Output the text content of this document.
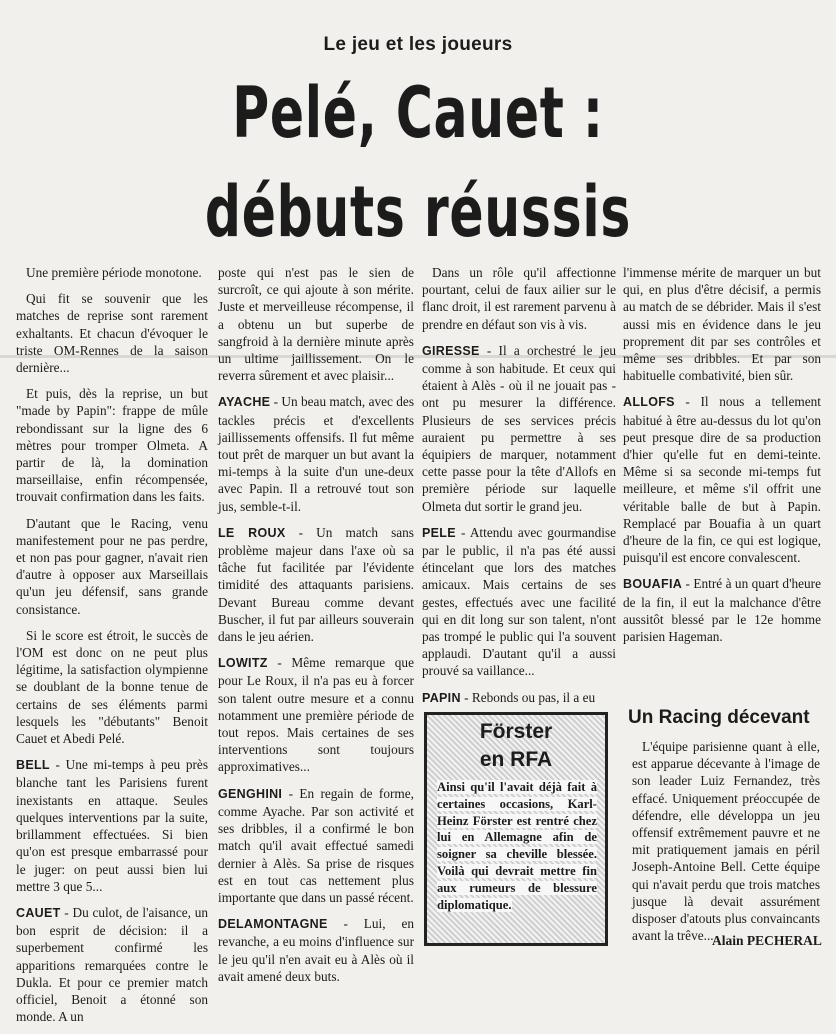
Le jeu et les joueurs
Pelé, Cauet :
débuts réussis

Une première période monotone.

Qui fit se souvenir que les matches de reprise sont rarement exhaltants. Et chacun d'évoquer le triste OM-Rennes de la saison dernière...

Et puis, dès la reprise, un but "made by Papin": frappe de mûle rebondissant sur la ligne des 6 mètres pour tromper Olmeta. A partir de là, la domination marseillaise, enfin récompensée, trouvait confirmation dans les faits.

D'autant que le Racing, venu manifestement pour ne pas perdre, et non pas pour gagner, n'avait rien d'autre à opposer aux Marseillais qu'un jeu défensif, sans grande consistance.

Si le score est étroit, le succès de l'OM est donc on ne peut plus légitime, la satisfaction olympienne se doublant de la bonne tenue de certains de ses éléments parmi lesquels les "débutants" Benoit Cauet et Abedi Pelé.

BELL - Une mi-temps à peu près blanche tant les Parisiens furent inexistants en attaque. Seules quelques interventions par la suite, brillamment effectuées. Si bien qu'on est presque embarrassé pour le juger: on peut aussi bien lui mettre 3 que 5...

CAUET - Du culot, de l'aisance, un bon esprit de décision: il a superbement confirmé les apparitions remarquées contre le Dukla. Et pour ce premier match officiel, Benoit a étonné son monde. A un

poste qui n'est pas le sien de surcroît, ce qui ajoute à son mérite. Juste et merveilleuse récompense, il a obtenu un but superbe de sangfroid à la dernière minute après un ultime jaillissement. On le reverra sûrement et avec plaisir...

AYACHE - Un beau match, avec des tackles précis et d'excellents jaillissements offensifs. Il fut même tout prêt de marquer un but avant la mi-temps à la suite d'un une-deux avec Papin. Il a retrouvé tout son jus, semble-t-il.

LE ROUX - Un match sans problème majeur dans l'axe où sa tâche fut facilitée par l'évidente timidité des attaquants parisiens. Devant Bureau comme devant Buscher, il fut par ailleurs souverain dans le jeu aérien.

LOWITZ - Même remarque que pour Le Roux, il n'a pas eu à forcer son talent outre mesure et a connu notamment une première période de tout repos. Mais certaines de ses interventions sont toujours approximatives...

GENGHINI - En regain de forme, comme Ayache. Par son activité et ses dribbles, il a confirmé le bon match qu'il avait effectué samedi dernier à Alès. Sa prise de risques est en tout cas nettement plus importante que dans un passé récent.

DELAMONTAGNE - Lui, en revanche, a eu moins d'influence sur le jeu qu'il n'en avait eu à Alès où il avait amené deux buts.

Dans un rôle qu'il affectionne pourtant, celui de faux ailier sur le flanc droit, il est rarement parvenu à prendre en défaut son vis à vis.

GIRESSE - Il a orchestré le jeu comme à son habitude. Et ceux qui étaient à Alès - où il ne jouait pas - ont pu mesurer la différence. Plusieurs de ses services précis auraient pu permettre à ses équipiers de marquer, notamment cette passe pour la tête d'Allofs en première période sur laquelle Olmeta dut sortir le grand jeu.

PELE - Attendu avec gourmandise par le public, il n'a pas été aussi étincelant que lors des matches amicaux. Mais certains de ses gestes, effectués avec une facilité qui en dit long sur son talent, n'ont pas trompé le public qui l'a souvent applaudi. D'autant qu'il a aussi prouvé sa vaillance...

PAPIN - Rebonds ou pas, il a eu

l'immense mérite de marquer un but qui, en plus d'être décisif, a permis au match de se débrider. Mais il s'est aussi mis en évidence dans le jeu proprement dit par ses contrôles et même ses dribbles. Et par son habituelle combativité, bien sûr.

ALLOFS - Il nous a tellement habitué à être au-dessus du lot qu'on peut presque dire de sa production d'hier qu'elle fut en demi-teinte. Même si sa seconde mi-temps fut meilleure, et même s'il offrit une véritable balle de but à Papin. Remplacé par Bouafia à un quart d'heure de la fin, ce qui est logique, puisqu'il est encore convalescent.

BOUAFIA - Entré à un quart d'heure de la fin, il eut la malchance d'être aussitôt blessé par le 12e homme parisien Hageman.

Förster
en RFA
Ainsi qu'il l'avait déjà fait à certaines occasions, Karl-Heinz Förster est rentré chez lui en Allemagne afin de soigner sa cheville blessée. Voilà qui devrait mettre fin aux rumeurs de blessure diplomatique.
Un Racing décevant
L'équipe parisienne quant à elle, est apparue décevante à l'image de son leader Luiz Fernandez, très effacé. Uniquement préoccupée de défendre, elle développa un jeu offensif extrêmement pauvre et ne mit pratiquement jamais en péril Joseph-Antoine Bell. Cette équipe qui n'avait perdu que trois matches jusque là devait assurément disposer d'atouts plus convaincants avant la trêve...
Alain PECHERAL
